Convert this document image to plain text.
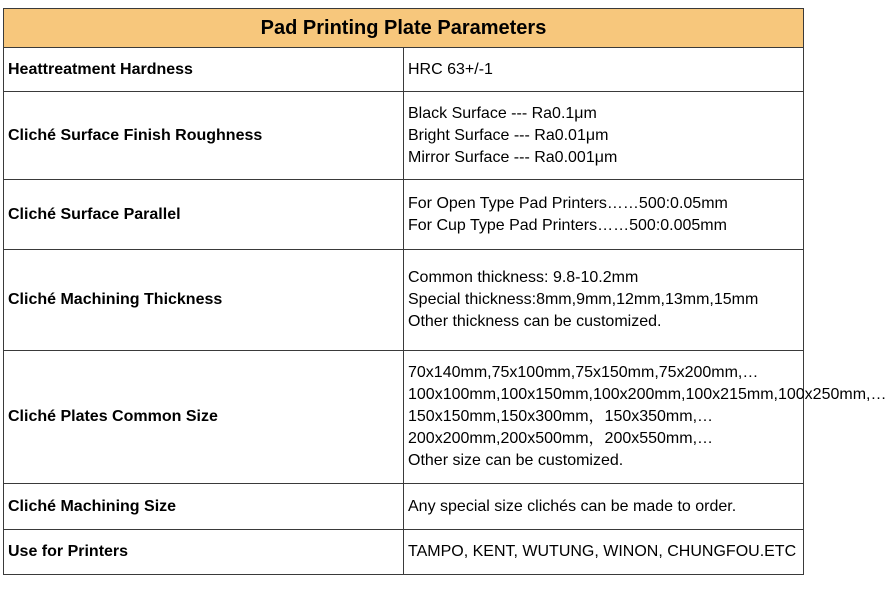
Pad Printing Plate Parameters	
Heattreatment Hardness	HRC 63+/-1

Cliché Surface Finish Roughness	Black Surface --- Ra0.1μm
Bright Surface --- Ra0.01μm
Mirror Surface --- Ra0.001μm

Cliché Surface Parallel	For Open Type Pad Printers……500:0.05mm
For Cup Type Pad Printers……500:0.005mm

Cliché Machining Thickness	Common thickness: 9.8-10.2mm
Special thickness:8mm,9mm,12mm,13mm,15mm
Other thickness can be customized.

Cliché Plates Common Size	70x140mm,75x100mm,75x150mm,75x200mm,…
100x100mm,100x150mm,100x200mm,100x215mm,100x250mm,…
150x150mm,150x300mm，150x350mm,…
200x200mm,200x500mm，200x550mm,…
Other size can be customized.

Cliché Machining Size	Any special size clichés can be made to order.

Use for Printers	TAMPO, KENT, WUTUNG, WINON, CHUNGFOU.ETC
